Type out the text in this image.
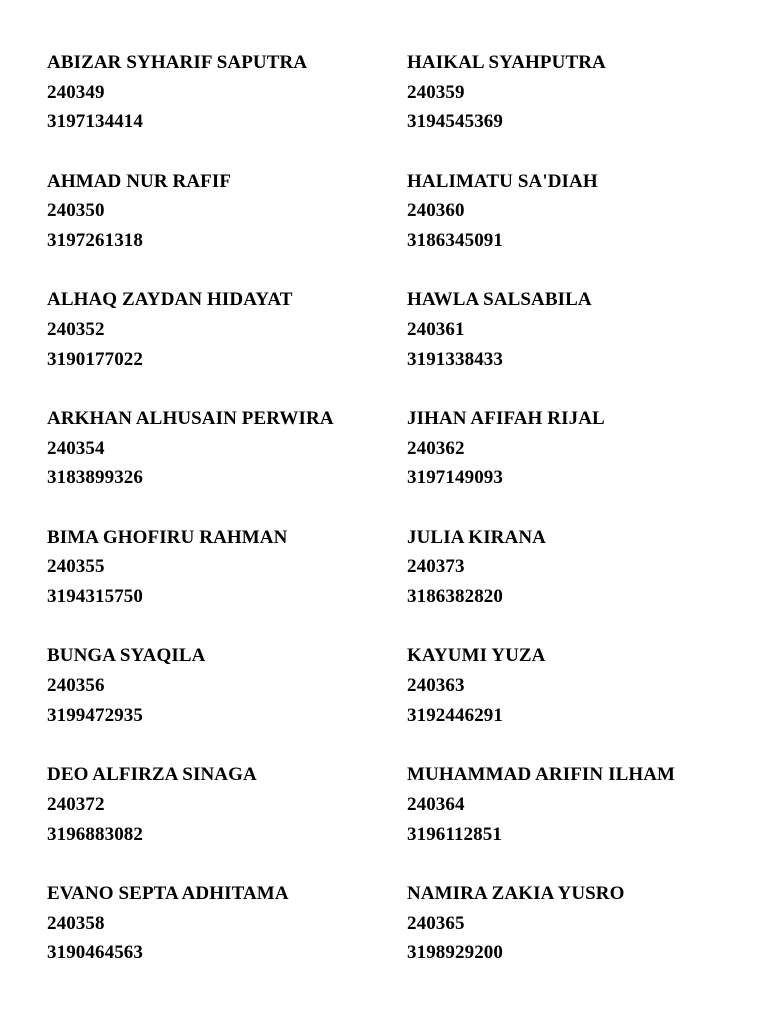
ABIZAR SYHARIF SAPUTRA
240349
3197134414
AHMAD NUR RAFIF
240350
3197261318
ALHAQ ZAYDAN HIDAYAT
240352
3190177022
ARKHAN ALHUSAIN PERWIRA
240354
3183899326
BIMA GHOFIRU RAHMAN
240355
3194315750
BUNGA SYAQILA
240356
3199472935
DEO ALFIRZA SINAGA
240372
3196883082
EVANO SEPTA ADHITAMA
240358
3190464563
HAIKAL SYAHPUTRA
240359
3194545369
HALIMATU SA'DIAH
240360
3186345091
HAWLA SALSABILA
240361
3191338433
JIHAN AFIFAH RIJAL
240362
3197149093
JULIA KIRANA
240373
3186382820
KAYUMI YUZA
240363
3192446291
MUHAMMAD ARIFIN ILHAM
240364
3196112851
NAMIRA ZAKIA YUSRO
240365
3198929200
